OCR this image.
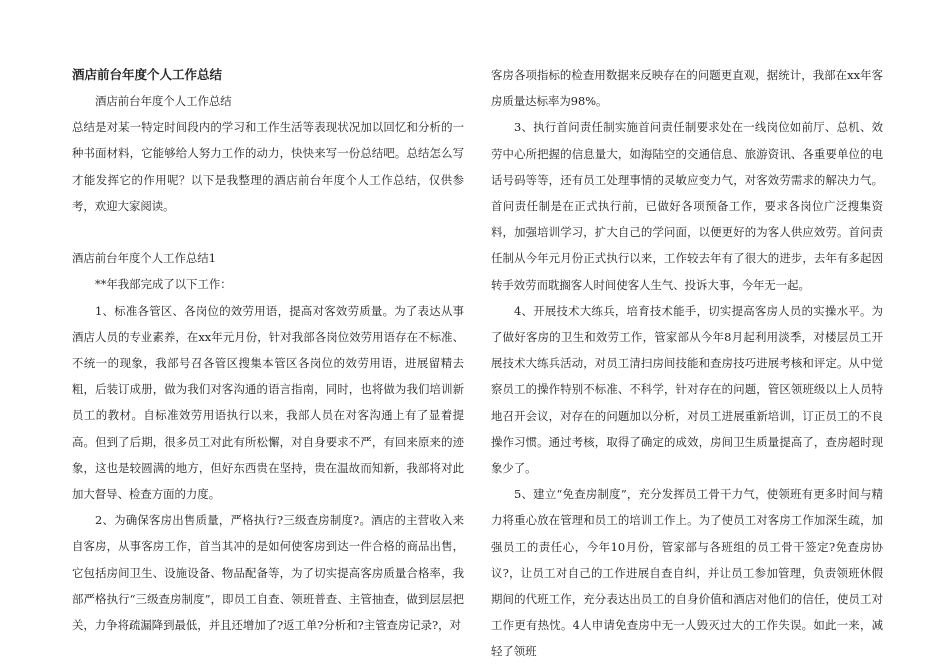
酒店前台年度个人工作总结

酒店前台年度个人工作总结

总结是对某一特定时间段内的学习和工作生活等表现状况加以回忆和分析的一种书面材料，它能够给人努力工作的动力，快快来写一份总结吧。总结怎么写才能发挥它的作用呢？以下是我整理的酒店前台年度个人工作总结，仅供参考，欢迎大家阅读。

酒店前台年度个人工作总结1

**年我部完成了以下工作：

1、标准各管区、各岗位的效劳用语，提高对客效劳质量。为了表达从事酒店人员的专业素养，在xx年元月份，针对我部各岗位效劳用语存在不标准、不统一的现象，我部号召各管区搜集本管区各岗位的效劳用语，进展留精去粗，后装订成册，做为我们对客沟通的语言指南，同时，也将做为我们培训新员工的教材。自标准效劳用语执行以来，我部人员在对客沟通上有了显着提高。但到了后期，很多员工对此有所松懈，对自身要求不严，有回来原来的迹象，这也是较圆满的地方，但好东西贵在坚持，贵在温故而知新，我部将对此加大督导、检查方面的力度。

2、为确保客房出售质量，严格执行?三级查房制度?。酒店的主营收入来自客房，从事客房工作，首当其冲的是如何使客房到达一件合格的商品出售，它包括房间卫生、设施设备、物品配备等，为了切实提高客房质量合格率，我部严格执行“三级查房制度”，即员工自查、领班普查、主管抽查，做到层层把关，力争将疏漏降到最低，并且还增加了?返工单?分析和?主管查房记录?，对

客房各项指标的检查用数据来反映存在的问题更直观，据统计，我部在xx年客房质量达标率为98%。

3、执行首问责任制实施首问责任制要求处在一线岗位如前厅、总机、效劳中心所把握的信息量大，如海陆空的交通信息、旅游资讯、各重要单位的电话号码等等，还有员工处理事情的灵敏应变力气，对客效劳需求的解决力气。首问责任制是在正式执行前，已做好各项预备工作，要求各岗位广泛搜集资料，加强培训学习，扩大自己的学问面，以便更好的为客人供应效劳。首问责任制从今年元月份正式执行以来，工作较去年有了很大的进步，去年有多起因转手效劳而耽搁客人时间使客人生气、投诉大事，今年无一起。

4、开展技术大练兵，培育技术能手，切实提高客房人员的实操水平。为了做好客房的卫生和效劳工作，管家部从今年8月起利用淡季，对楼层员工开展技术大练兵活动，对员工清扫房间技能和查房技巧进展考核和评定。从中觉察员工的操作特别不标准、不科学，针对存在的问题，管区领班级以上人员特地召开会议，对存在的问题加以分析，对员工进展重新培训，订正员工的不良操作习惯。通过考核，取得了确定的成效，房间卫生质量提高了，查房超时现象少了。

5、建立“免查房制度”，充分发挥员工骨干力气，使领班有更多时间与精力将重心放在管理和员工的培训工作上。为了使员工对客房工作加深生疏，加强员工的责任心，今年10月份，管家部与各班组的员工骨干签定?免查房协议?，让员工对自己的工作进展自查自纠，并让员工参加管理，负责领班休假期间的代班工作，充分表达出员工的自身价值和酒店对他们的信任，使员工对工作更有热忱。4人申请免查房中无一人毁灭过大的工作失误。如此一来，减轻了领班
